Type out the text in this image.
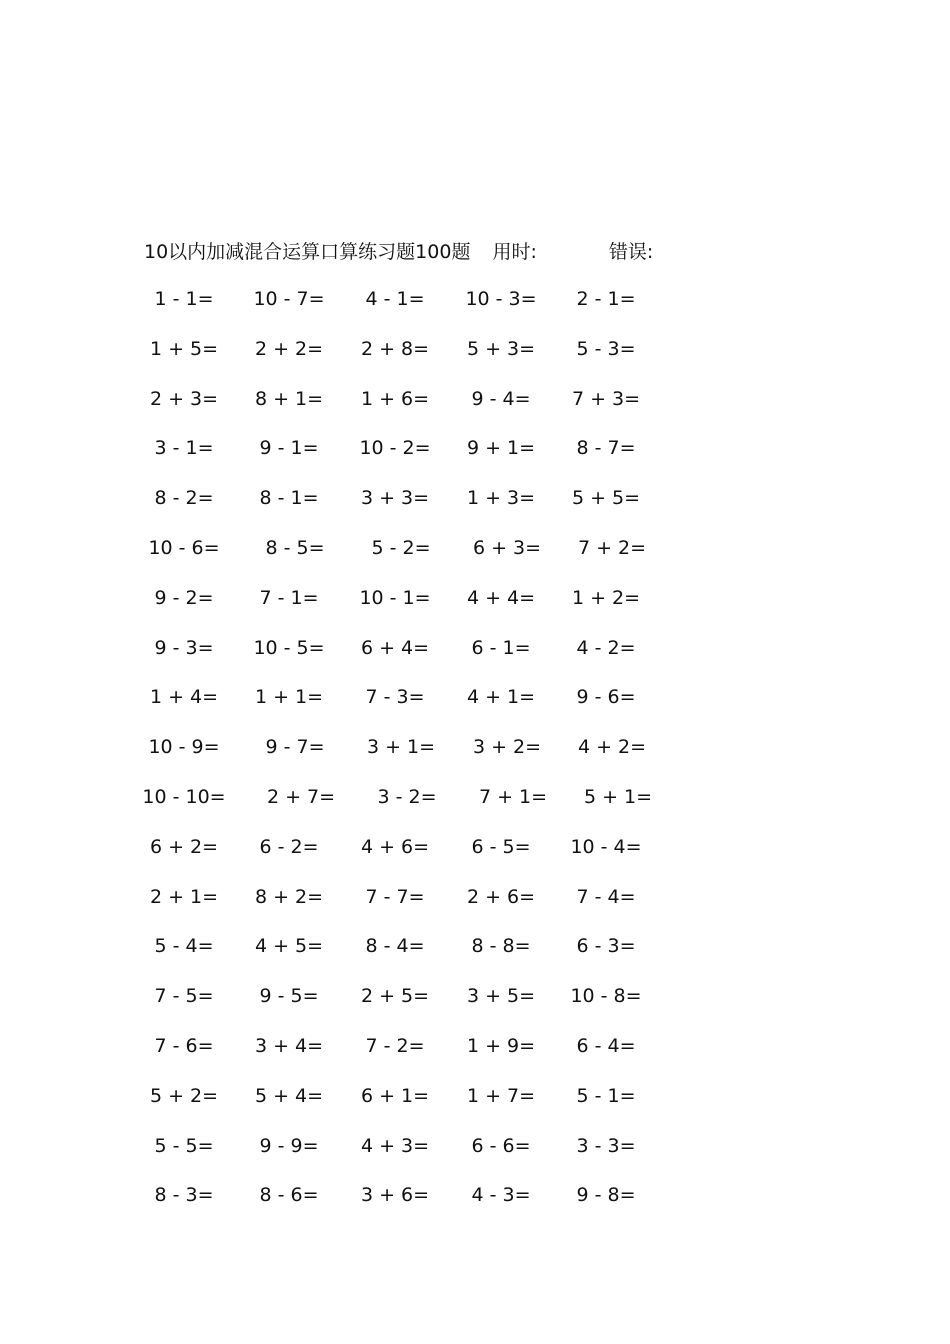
10以内加减混合运算口算练习题100题 用时:	错误:
1 - 1= 10 - 7= 4 - 1= 10 - 3= 2 - 1=
1 + 5= 2 + 2= 2 + 8= 5 + 3= 5 - 3=
2 + 3= 8 + 1= 1 + 6= 9 - 4= 7 + 3=
3 - 1= 9 - 1= 10 - 2= 9 + 1= 8 - 7=
8 - 2= 8 - 1= 3 + 3= 1 + 3= 5 + 5=
10 - 6= 8 - 5= 5 - 2= 6 + 3= 7 + 2=
9 - 2= 7 - 1= 10 - 1= 4 + 4= 1 + 2=
9 - 3= 10 - 5= 6 + 4= 6 - 1= 4 - 2=
1 + 4= 1 + 1= 7 - 3= 4 + 1= 9 - 6=
10 - 9= 9 - 7= 3 + 1= 3 + 2= 4 + 2=
10 - 10= 2 + 7= 3 - 2= 7 + 1= 5 + 1=
6 + 2= 6 - 2= 4 + 6= 6 - 5= 10 - 4=
2 + 1= 8 + 2= 7 - 7= 2 + 6= 7 - 4=
5 - 4= 4 + 5= 8 - 4= 8 - 8= 6 - 3=
7 - 5= 9 - 5= 2 + 5= 3 + 5= 10 - 8=
7 - 6= 3 + 4= 7 - 2= 1 + 9= 6 - 4=
5 + 2= 5 + 4= 6 + 1= 1 + 7= 5 - 1=
5 - 5= 9 - 9= 4 + 3= 6 - 6= 3 - 3=
8 - 3= 8 - 6= 3 + 6= 4 - 3= 9 - 8=
